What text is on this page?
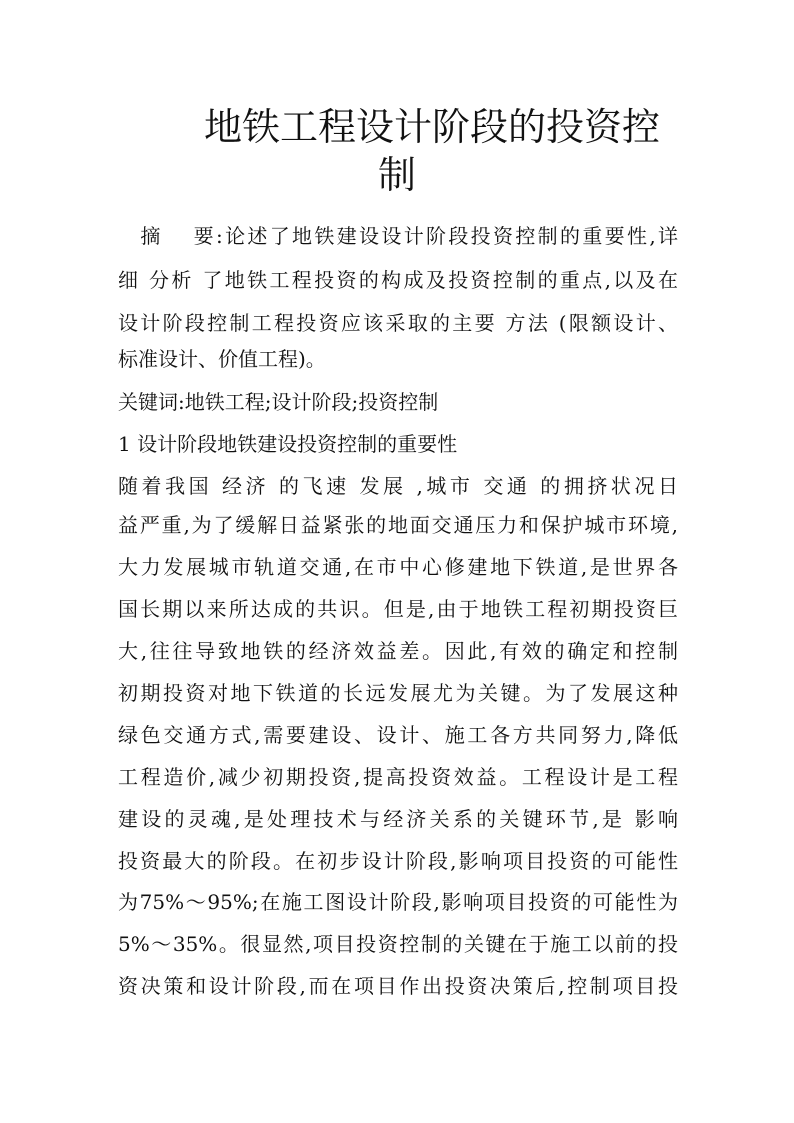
地铁工程设计阶段的投资控
制
　摘　 要:论述了地铁建设设计阶段投资控制的重要性,详
细 分析 了地铁工程投资的构成及投资控制的重点,以及在
设计阶段控制工程投资应该采取的主要 方法 (限额设计、
标准设计、价值工程)。
关键词:地铁工程;设计阶段;投资控制
1 设计阶段地铁建设投资控制的重要性
随着我国 经济 的飞速 发展 ,城市 交通 的拥挤状况日
益严重,为了缓解日益紧张的地面交通压力和保护城市环境,
大力发展城市轨道交通,在市中心修建地下铁道,是世界各
国长期以来所达成的共识。但是,由于地铁工程初期投资巨
大,往往导致地铁的经济效益差。因此,有效的确定和控制
初期投资对地下铁道的长远发展尤为关键。为了发展这种
绿色交通方式,需要建设、设计、施工各方共同努力,降低
工程造价,减少初期投资,提高投资效益。工程设计是工程
建设的灵魂,是处理技术与经济关系的关键环节,是 影响
投资最大的阶段。在初步设计阶段,影响项目投资的可能性
为75%～95%;在施工图设计阶段,影响项目投资的可能性为
5%～35%。很显然,项目投资控制的关键在于施工以前的投
资决策和设计阶段,而在项目作出投资决策后,控制项目投
